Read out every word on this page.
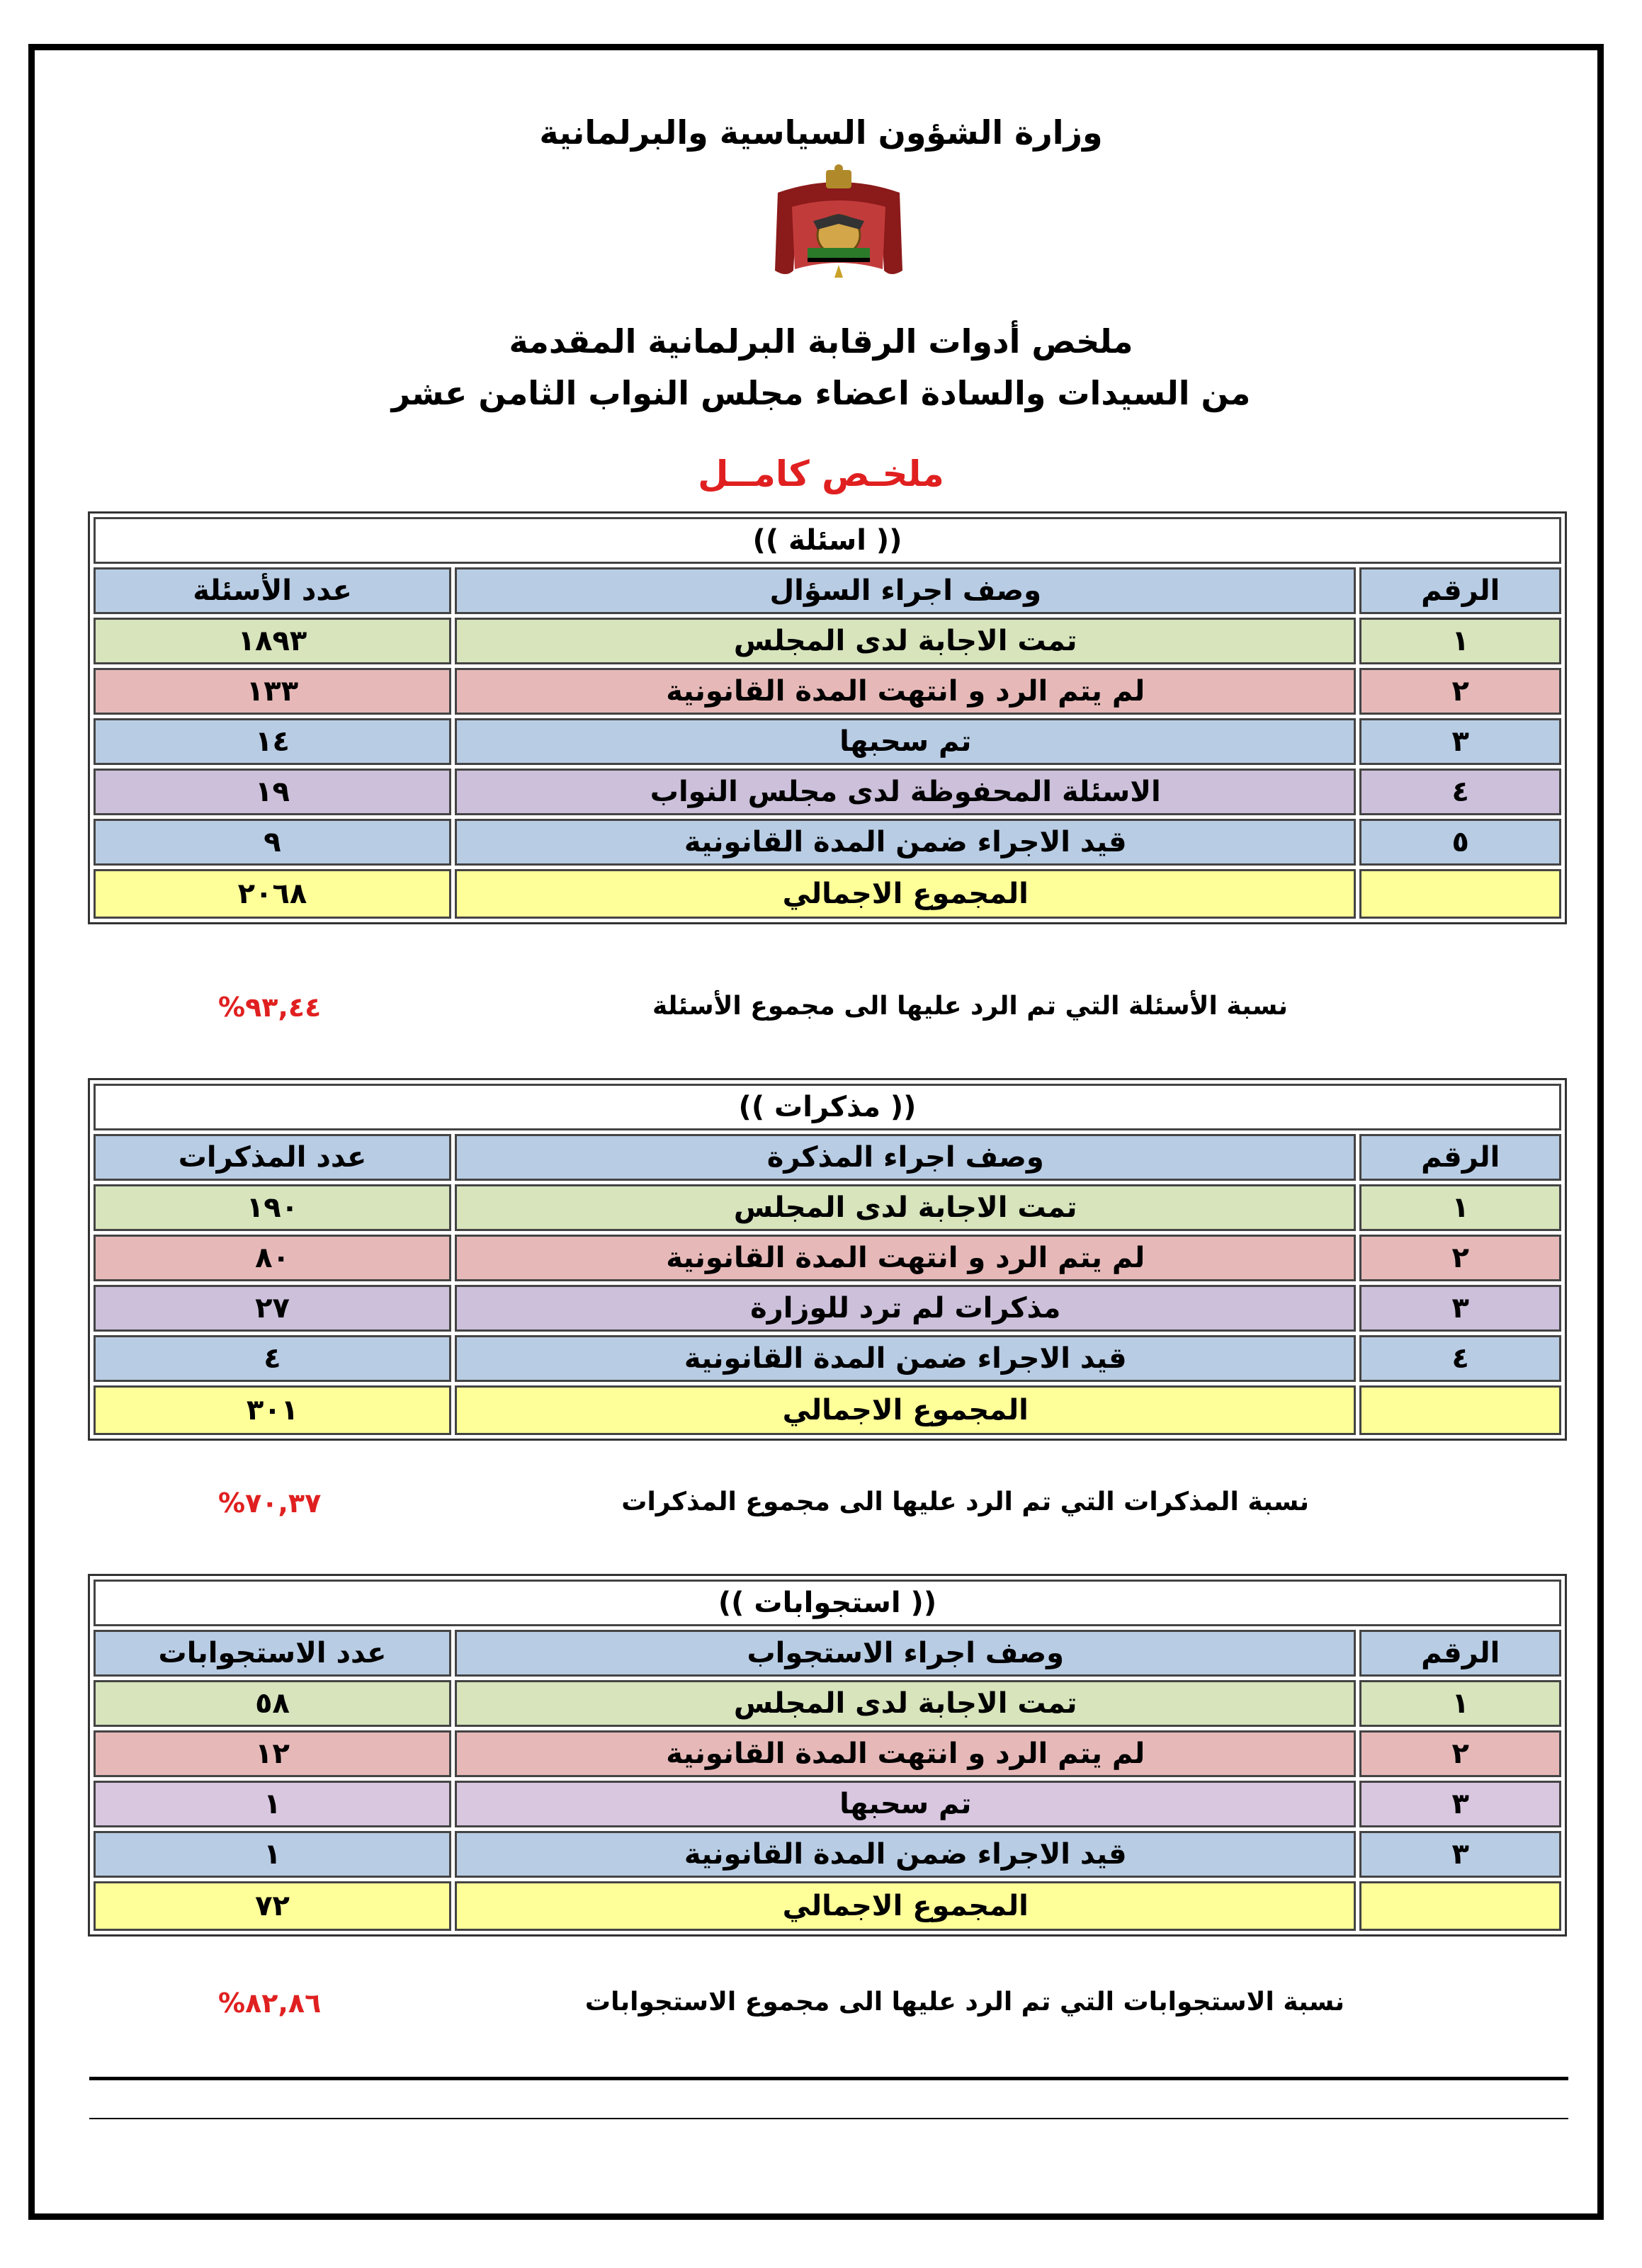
وزارة الشؤون السياسية والبرلمانية
ملخص أدوات الرقابة البرلمانية المقدمة
من السيدات والسادة اعضاء مجلس النواب الثامن عشر
ملخـص كامــل
(( اسئلة ))		
الرقم	وصف اجراء السؤال	عدد الأسئلة
١	تمت الاجابة لدى المجلس	١٨٩٣
٢	لم يتم الرد و انتهت المدة القانونية	١٣٣
٣	تم سحبها	١٤
٤	الاسئلة المحفوظة لدى مجلس النواب	١٩
٥	قيد الاجراء ضمن المدة القانونية	٩
	المجموع الاجمالي	٢٠٦٨
نسبة الأسئلة التي تم الرد عليها الى مجموع الأسئلة
%٩٣,٤٤
(( مذكرات ))		
الرقم	وصف اجراء المذكرة	عدد المذكرات
١	تمت الاجابة لدى المجلس	١٩٠
٢	لم يتم الرد و انتهت المدة القانونية	٨٠
٣	مذكرات لم ترد للوزارة	٢٧
٤	قيد الاجراء ضمن المدة القانونية	٤
	المجموع الاجمالي	٣٠١
نسبة المذكرات التي تم الرد عليها الى مجموع المذكرات
%٧٠,٣٧
(( استجوابات ))		
الرقم	وصف اجراء الاستجواب	عدد الاستجوابات
١	تمت الاجابة لدى المجلس	٥٨
٢	لم يتم الرد و انتهت المدة القانونية	١٢
٣	تم سحبها	١
٣	قيد الاجراء ضمن المدة القانونية	١
	المجموع الاجمالي	٧٢
نسبة الاستجوابات التي تم الرد عليها الى مجموع الاستجوابات
%٨٢,٨٦
